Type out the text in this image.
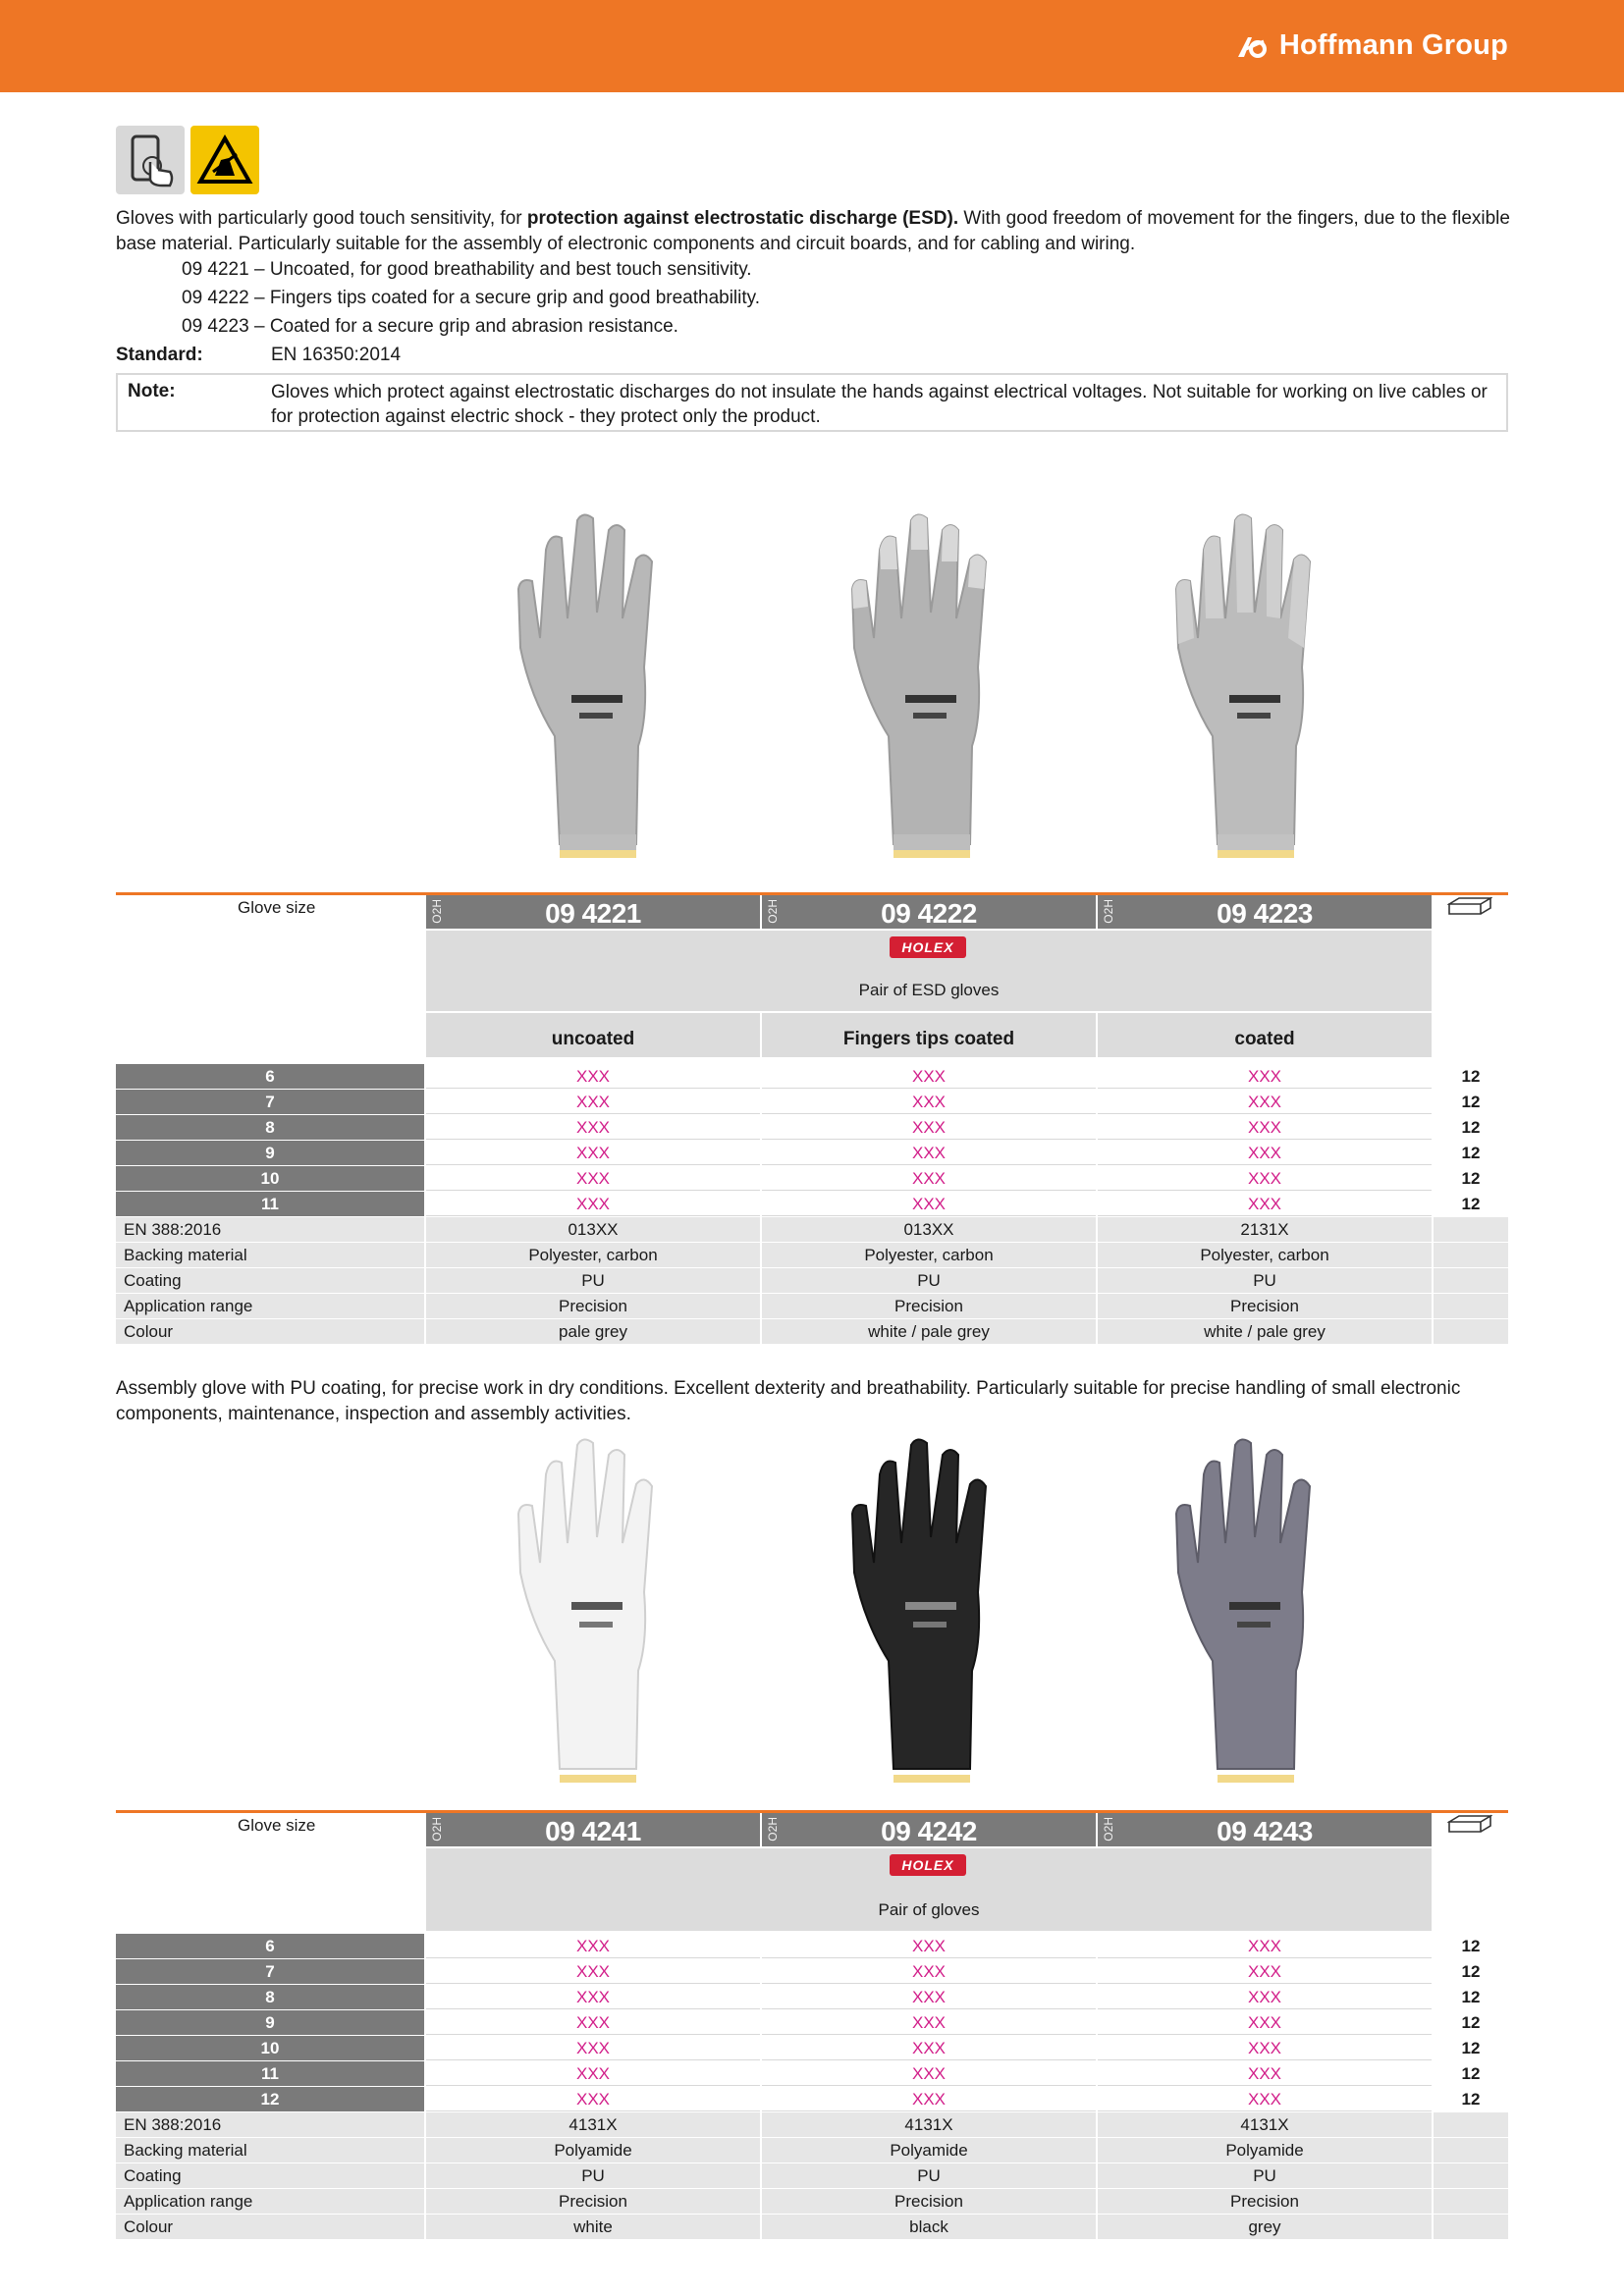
Hoffmann Group
Gloves with particularly good touch sensitivity, for protection against electrostatic discharge (ESD). With good freedom of movement for the fingers, due to the flexible base material. Particularly suitable for the assembly of electronic components and circuit boards, and for cabling and wiring.
09 4221 – Uncoated, for good breathability and best touch sensitivity.
09 4222 – Fingers tips coated for a secure grip and good breathability.
09 4223 – Coated for a secure grip and abrasion resistance.
Standard:	EN 16350:2014
Note:	Gloves which protect against electrostatic discharges do not insulate the hands against electrical voltages. Not suitable for working on live cables or for protection against electric shock - they protect only the product.
Glove size	O2H	09 4221	O2H	09 4222	O2H	09 4223
HOLEX
Pair of ESD gloves
uncoated	Fingers tips coated	coated
6	XXX	XXX	XXX	12
7	XXX	XXX	XXX	12
8	XXX	XXX	XXX	12
9	XXX	XXX	XXX	12
10	XXX	XXX	XXX	12
11	XXX	XXX	XXX	12
EN 388:2016	013XX	013XX	2131X
Backing material	Polyester, carbon	Polyester, carbon	Polyester, carbon
Coating	PU	PU	PU
Application range	Precision	Precision	Precision
Colour	pale grey	white / pale grey	white / pale grey
Assembly glove with PU coating, for precise work in dry conditions. Excellent dexterity and breathability. Particularly suitable for precise handling of small electronic components, maintenance, inspection and assembly activities.
Glove size	O2H	09 4241	O2H	09 4242	O2H	09 4243
HOLEX
Pair of gloves
6	XXX	XXX	XXX	12
7	XXX	XXX	XXX	12
8	XXX	XXX	XXX	12
9	XXX	XXX	XXX	12
10	XXX	XXX	XXX	12
11	XXX	XXX	XXX	12
12	XXX	XXX	XXX	12
EN 388:2016	4131X	4131X	4131X
Backing material	Polyamide	Polyamide	Polyamide
Coating	PU	PU	PU
Application range	Precision	Precision	Precision
Colour	white	black	grey
